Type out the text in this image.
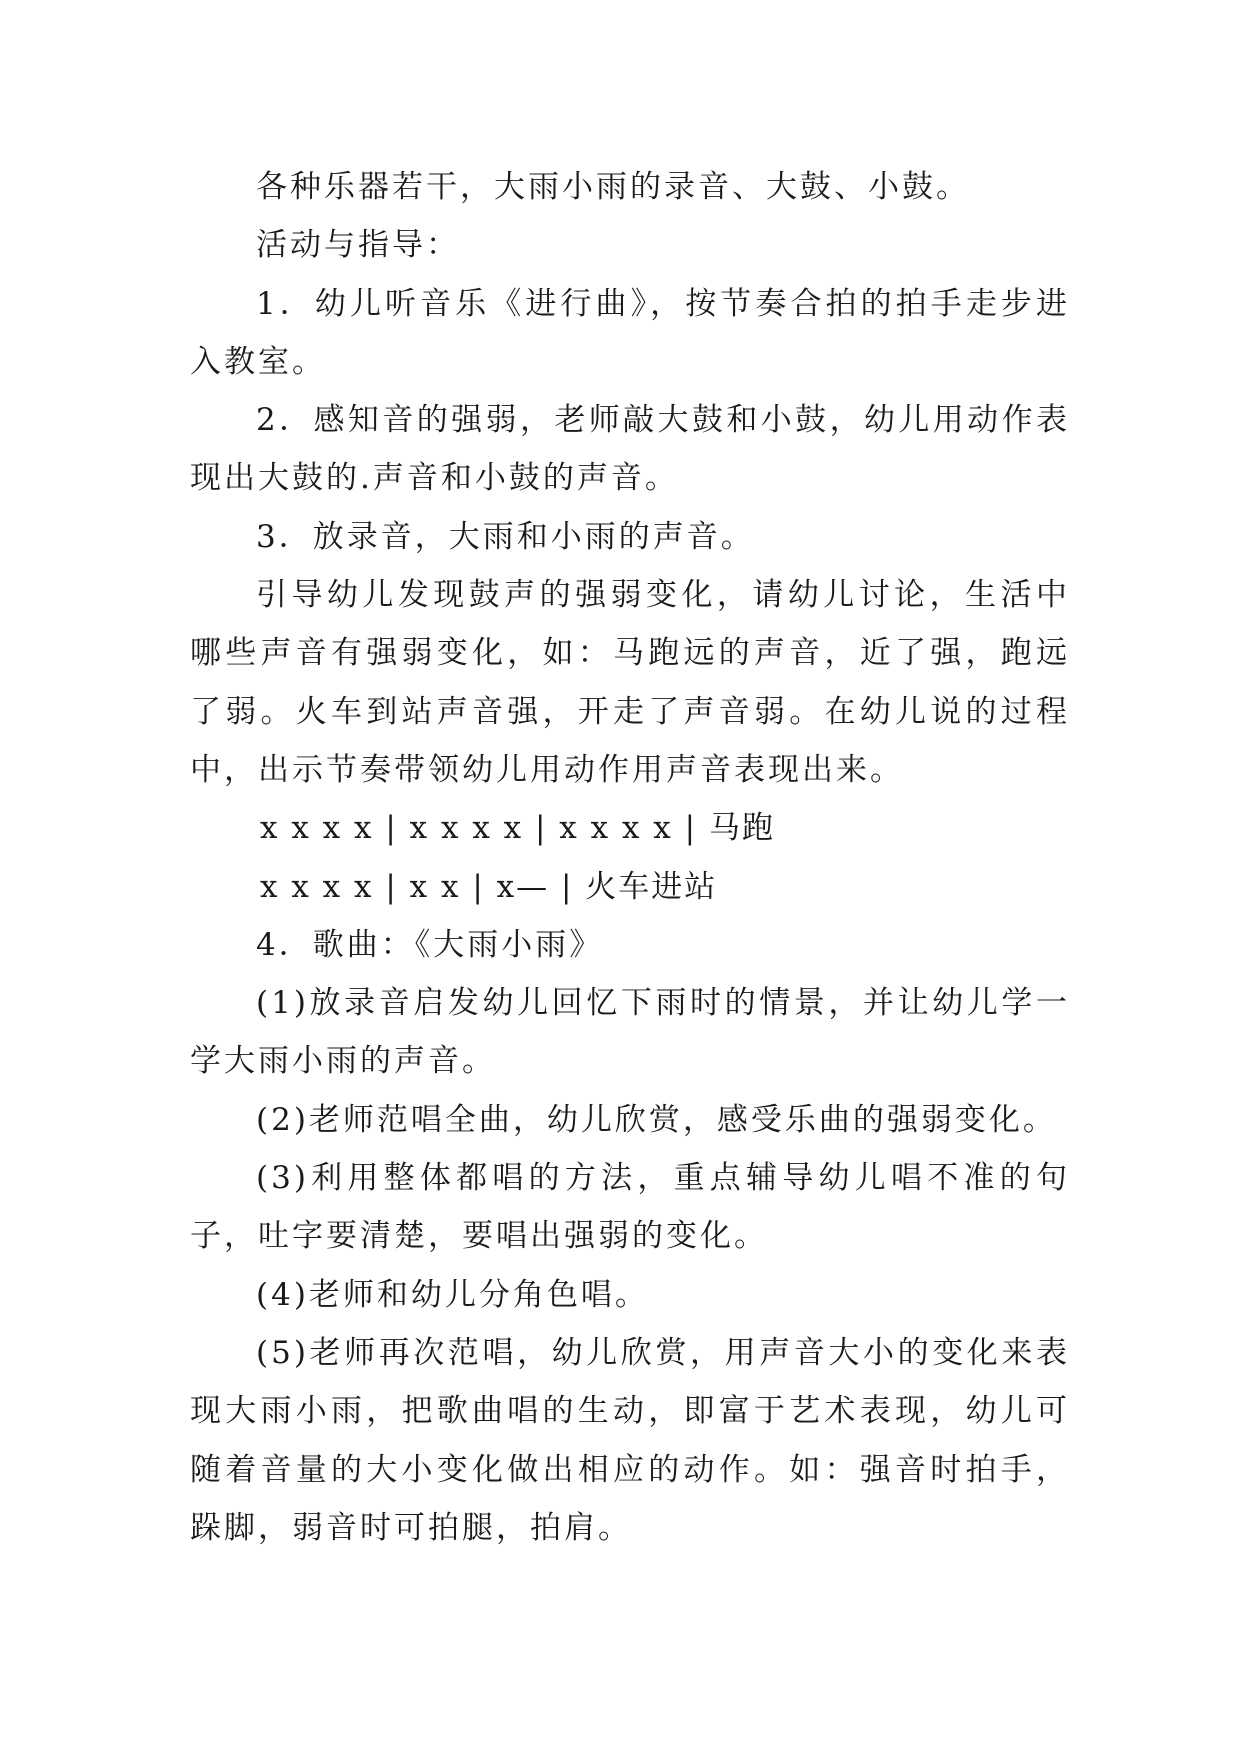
各种乐器若干，大雨小雨的录音、大鼓、小鼓。

活动与指导：

1．幼儿听音乐《进行曲》，按节奏合拍的拍手走步进入教室。

2．感知音的强弱，老师敲大鼓和小鼓，幼儿用动作表现出大鼓的.声音和小鼓的声音。

3．放录音，大雨和小雨的声音。

引导幼儿发现鼓声的强弱变化，请幼儿讨论，生活中哪些声音有强弱变化，如：马跑远的声音，近了强，跑远了弱。火车到站声音强，开走了声音弱。在幼儿说的过程中，出示节奏带领幼儿用动作用声音表现出来。

x x x x | x x x x | x x x x | 马跑

x x x x | x x | x— | 火车进站

4．歌曲：《大雨小雨》

(1)放录音启发幼儿回忆下雨时的情景，并让幼儿学一学大雨小雨的声音。

(2)老师范唱全曲，幼儿欣赏，感受乐曲的强弱变化。

(3)利用整体都唱的方法，重点辅导幼儿唱不准的句子，吐字要清楚，要唱出强弱的变化。

(4)老师和幼儿分角色唱。

(5)老师再次范唱，幼儿欣赏，用声音大小的变化来表现大雨小雨，把歌曲唱的生动，即富于艺术表现，幼儿可随着音量的大小变化做出相应的动作。如：强音时拍手，跺脚，弱音时可拍腿，拍肩。
